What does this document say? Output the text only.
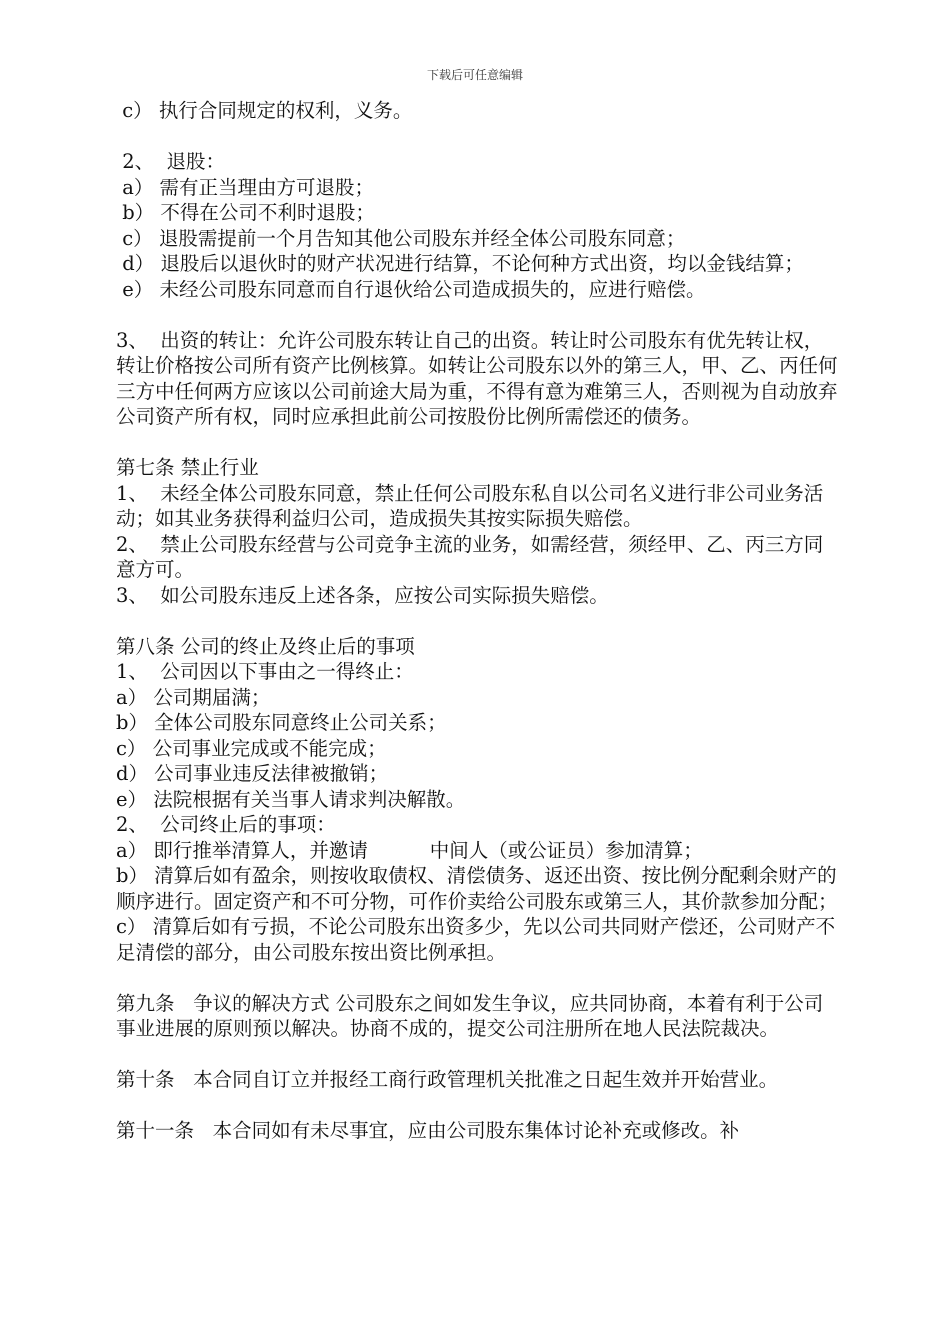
下载后可任意编辑
c） 执行合同规定的权利，义务。
2、  退股：
a） 需有正当理由方可退股；
b） 不得在公司不利时退股；
c） 退股需提前一个月告知其他公司股东并经全体公司股东同意；
d） 退股后以退伙时的财产状况进行结算，不论何种方式出资，均以金钱结算；
e） 未经公司股东同意而自行退伙给公司造成损失的，应进行赔偿。
3、  出资的转让：允许公司股东转让自己的出资。转让时公司股东有优先转让权，转让价格按公司所有资产比例核算。如转让公司股东以外的第三人，甲、乙、丙任何三方中任何两方应该以公司前途大局为重，不得有意为难第三人，否则视为自动放弃公司资产所有权，同时应承担此前公司按股份比例所需偿还的债务。
第七条 禁止行业
1、  未经全体公司股东同意，禁止任何公司股东私自以公司名义进行非公司业务活动；如其业务获得利益归公司，造成损失其按实际损失赔偿。
2、  禁止公司股东经营与公司竞争主流的业务，如需经营，须经甲、乙、丙三方同意方可。
3、  如公司股东违反上述各条，应按公司实际损失赔偿。
第八条 公司的终止及终止后的事项
1、  公司因以下事由之一得终止：
a） 公司期届满；
b） 全体公司股东同意终止公司关系；
c） 公司事业完成或不能完成；
d） 公司事业违反法律被撤销；
e） 法院根据有关当事人请求判决解散。
2、  公司终止后的事项：
a） 即行推举清算人，并邀请          中间人（或公证员）参加清算；
b） 清算后如有盈余，则按收取债权、清偿债务、返还出资、按比例分配剩余财产的顺序进行。固定资产和不可分物，可作价卖给公司股东或第三人，其价款参加分配；
c） 清算后如有亏损，不论公司股东出资多少，先以公司共同财产偿还，公司财产不足清偿的部分，由公司股东按出资比例承担。
第九条   争议的解决方式 公司股东之间如发生争议，应共同协商，本着有利于公司事业进展的原则预以解决。协商不成的，提交公司注册所在地人民法院裁决。
第十条   本合同自订立并报经工商行政管理机关批准之日起生效并开始营业。
第十一条   本合同如有未尽事宜，应由公司股东集体讨论补充或修改。补
